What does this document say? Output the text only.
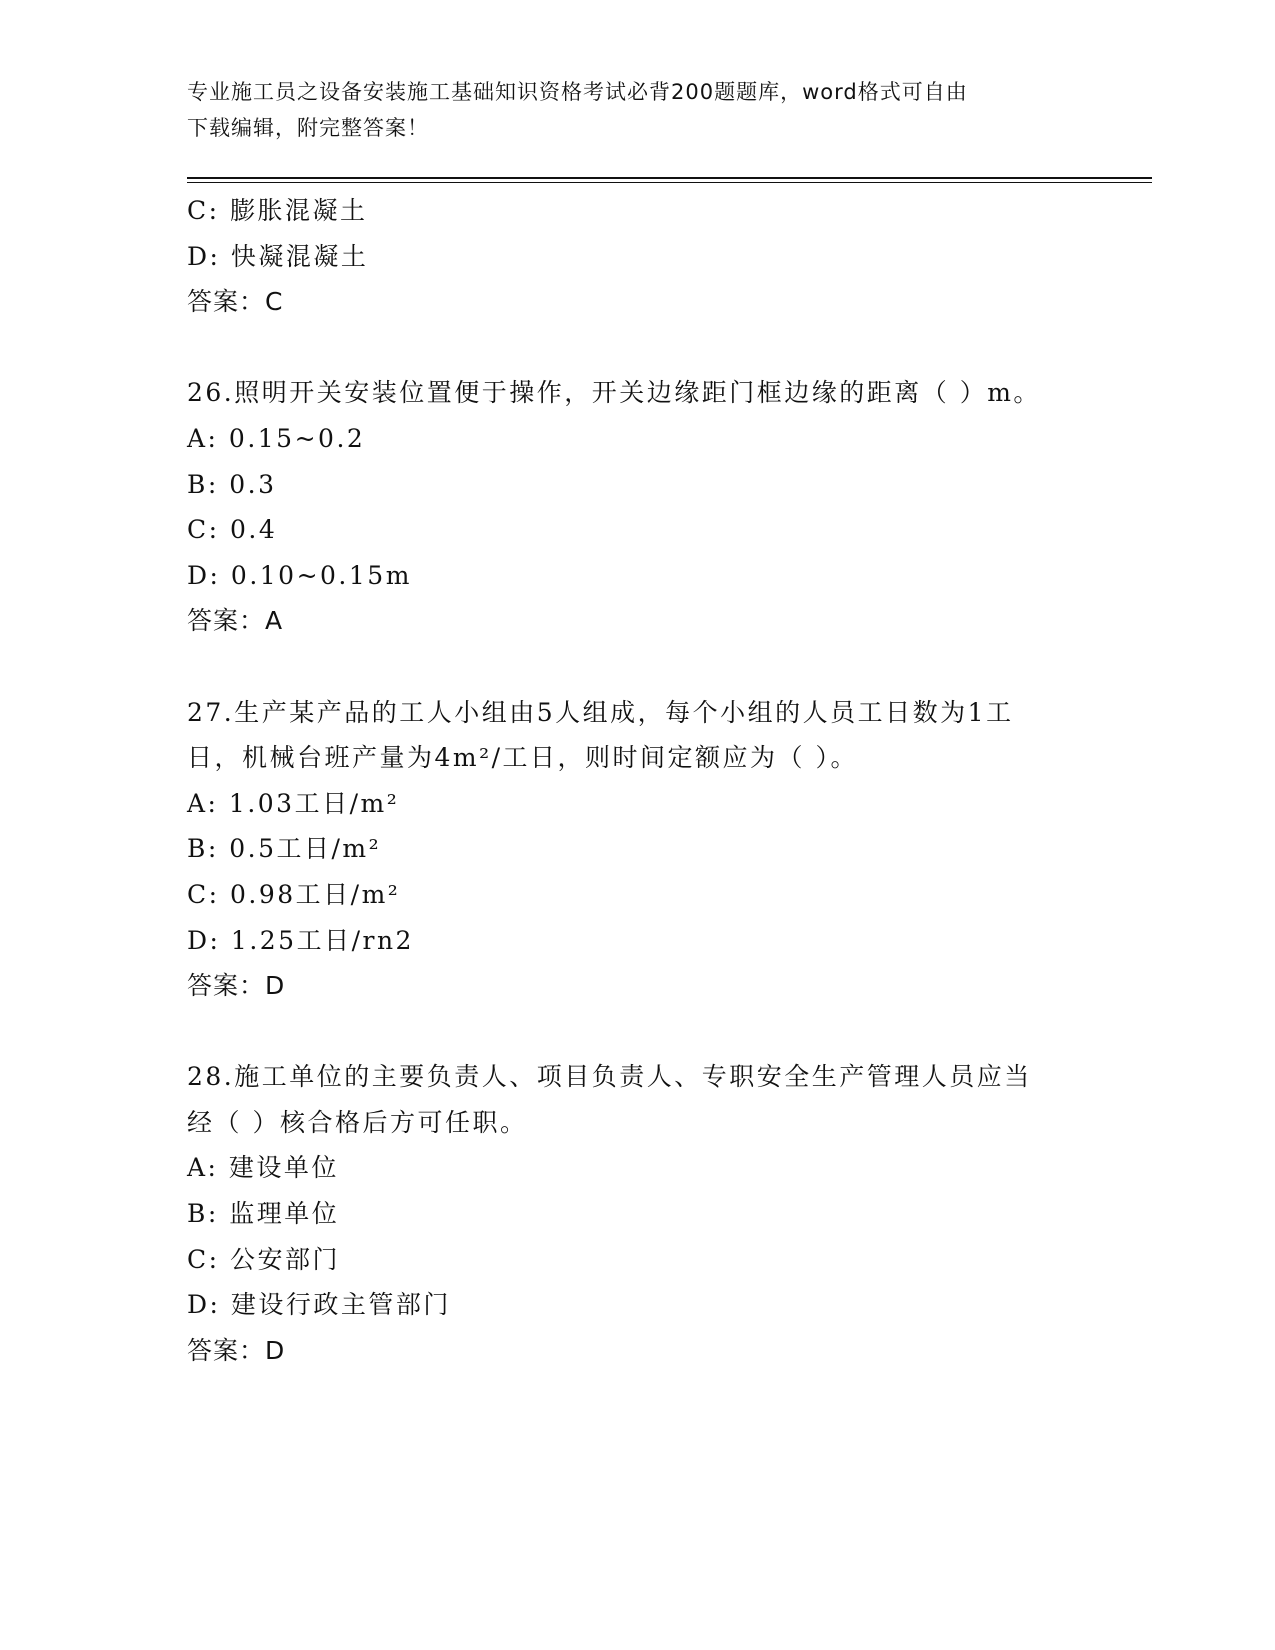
专业施工员之设备安装施工基础知识资格考试必背200题题库，word格式可自由
下载编辑，附完整答案！
C: 膨胀混凝土
D: 快凝混凝土
答案：C
26.照明开关安装位置便于操作，开关边缘距门框边缘的距离（ ）m。
A: 0.15~0.2
B: 0.3
C: 0.4
D: 0.10~0.15m
答案：A
27.生产某产品的工人小组由5人组成，每个小组的人员工日数为1工
日，机械台班产量为4m²/工日，则时间定额应为（ ）。
A: 1.03工日/m²
B: 0.5工日/m²
C: 0.98工日/m²
D: 1.25工日/rn2
答案：D
28.施工单位的主要负责人、项目负责人、专职安全生产管理人员应当
经（ ）核合格后方可任职。
A: 建设单位
B: 监理单位
C: 公安部门
D: 建设行政主管部门
答案：D
